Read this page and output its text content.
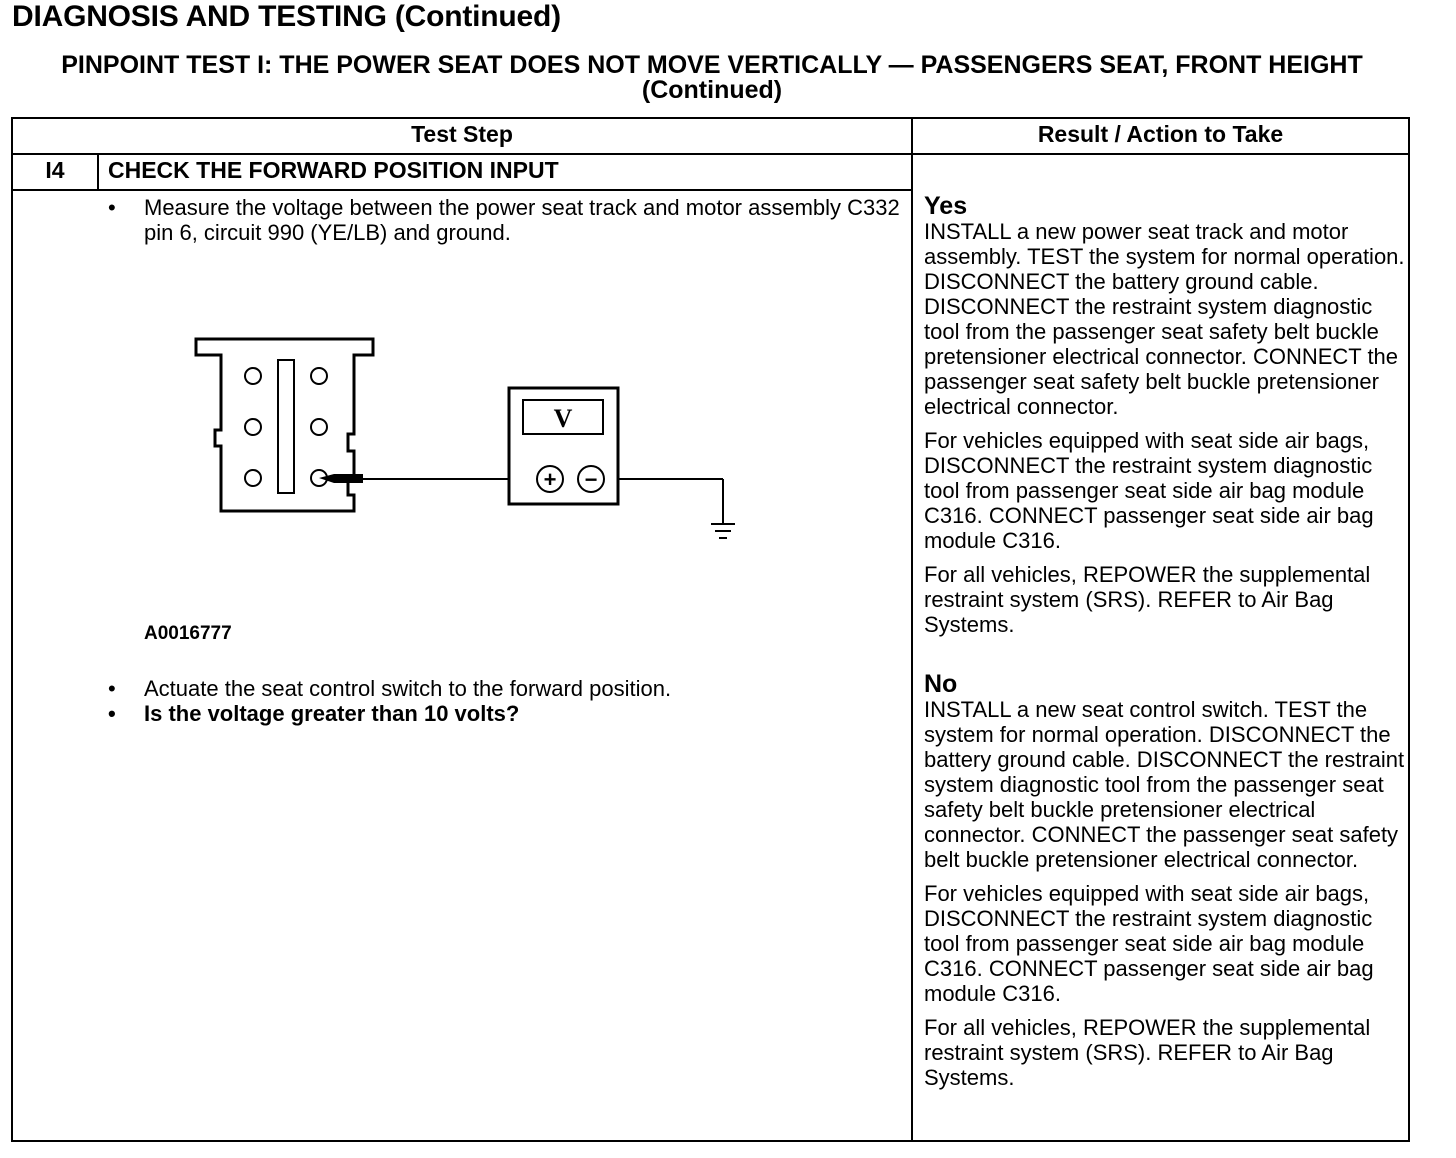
DIAGNOSIS AND TESTING (Continued)
PINPOINT TEST I: THE POWER SEAT DOES NOT MOVE VERTICALLY — PASSENGERS SEAT, FRONT HEIGHT (Continued)
Test Step	Result / Action to Take
I4	CHECK THE FORWARD POSITION INPUT
•	Measure the voltage between the power seat track and motor assembly C332 pin 6, circuit 990 (YE/LB) and ground.
V
+ −
A0016777
•	Actuate the seat control switch to the forward position.
•	Is the voltage greater than 10 volts?
Yes

INSTALL a new power seat track and motor assembly. TEST the system for normal operation. DISCONNECT the battery ground cable. DISCONNECT the restraint system diagnostic tool from the passenger seat safety belt buckle pretensioner electrical connector. CONNECT the passenger seat safety belt buckle pretensioner electrical connector.

For vehicles equipped with seat side air bags, DISCONNECT the restraint system diagnostic tool from passenger seat side air bag module C316. CONNECT passenger seat side air bag module C316.

For all vehicles, REPOWER the supplemental restraint system (SRS). REFER to Air Bag Systems.

No

INSTALL a new seat control switch. TEST the system for normal operation. DISCONNECT the battery ground cable. DISCONNECT the restraint system diagnostic tool from the passenger seat safety belt buckle pretensioner electrical connector. CONNECT the passenger seat safety belt buckle pretensioner electrical connector.

For vehicles equipped with seat side air bags, DISCONNECT the restraint system diagnostic tool from passenger seat side air bag module C316. CONNECT passenger seat side air bag module C316.

For all vehicles, REPOWER the supplemental restraint system (SRS). REFER to Air Bag Systems.
